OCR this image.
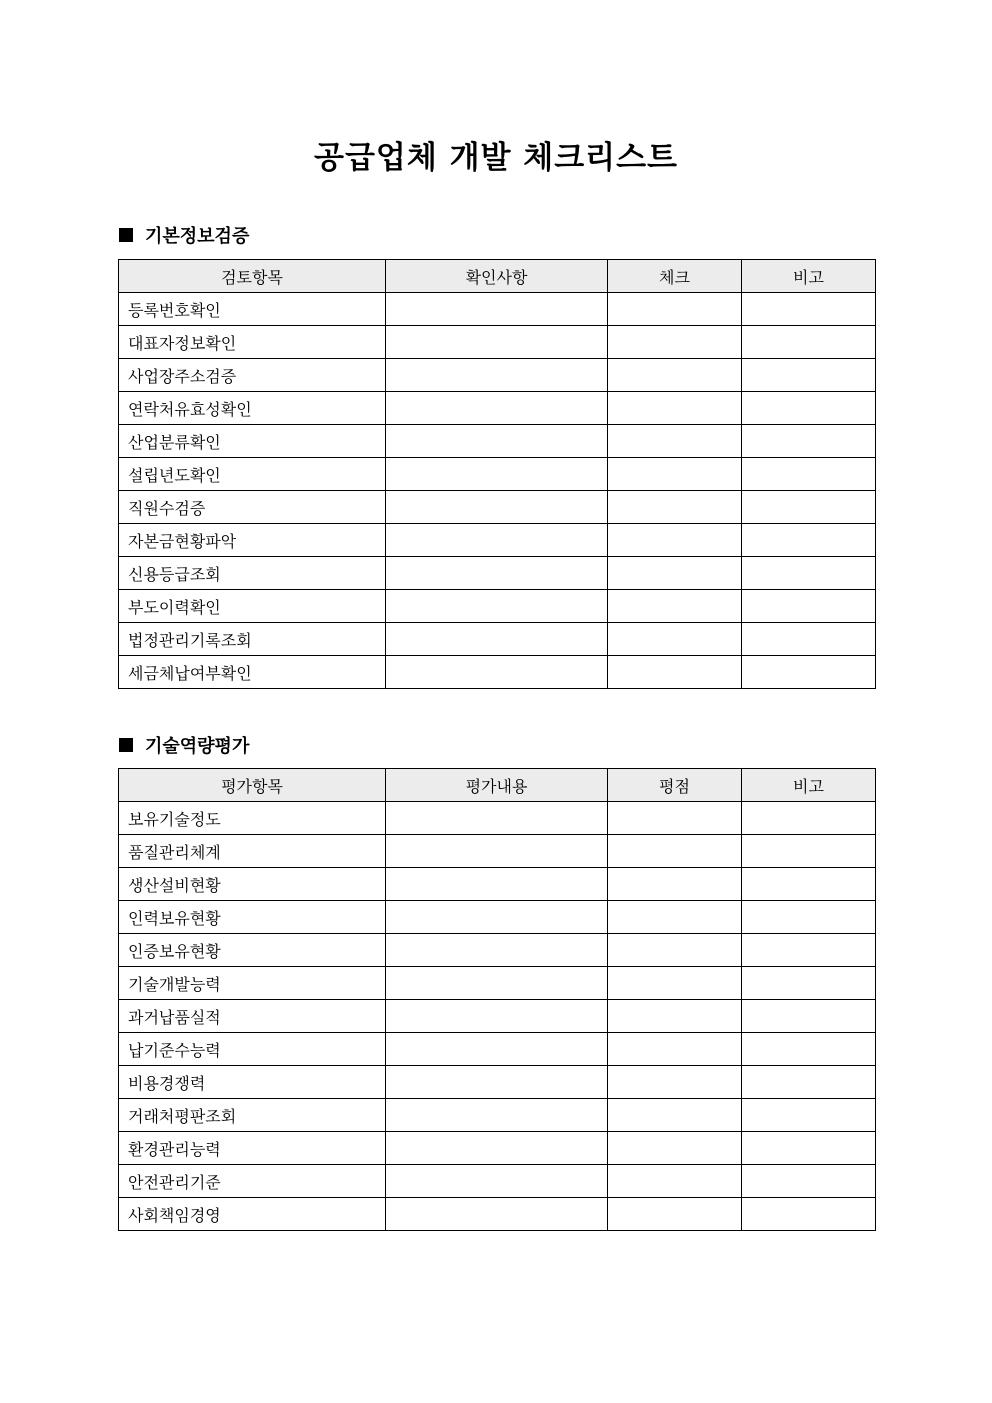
공급업체 개발 체크리스트
기본정보검증
검토항목	확인사항	체크	비고
등록번호확인			
대표자정보확인			
사업장주소검증			
연락처유효성확인			
산업분류확인			
설립년도확인			
직원수검증			
자본금현황파악			
신용등급조회			
부도이력확인			
법정관리기록조회			
세금체납여부확인			
기술역량평가
평가항목	평가내용	평점	비고
보유기술정도			
품질관리체계			
생산설비현황			
인력보유현황			
인증보유현황			
기술개발능력			
과거납품실적			
납기준수능력			
비용경쟁력			
거래처평판조회			
환경관리능력			
안전관리기준			
사회책임경영			
